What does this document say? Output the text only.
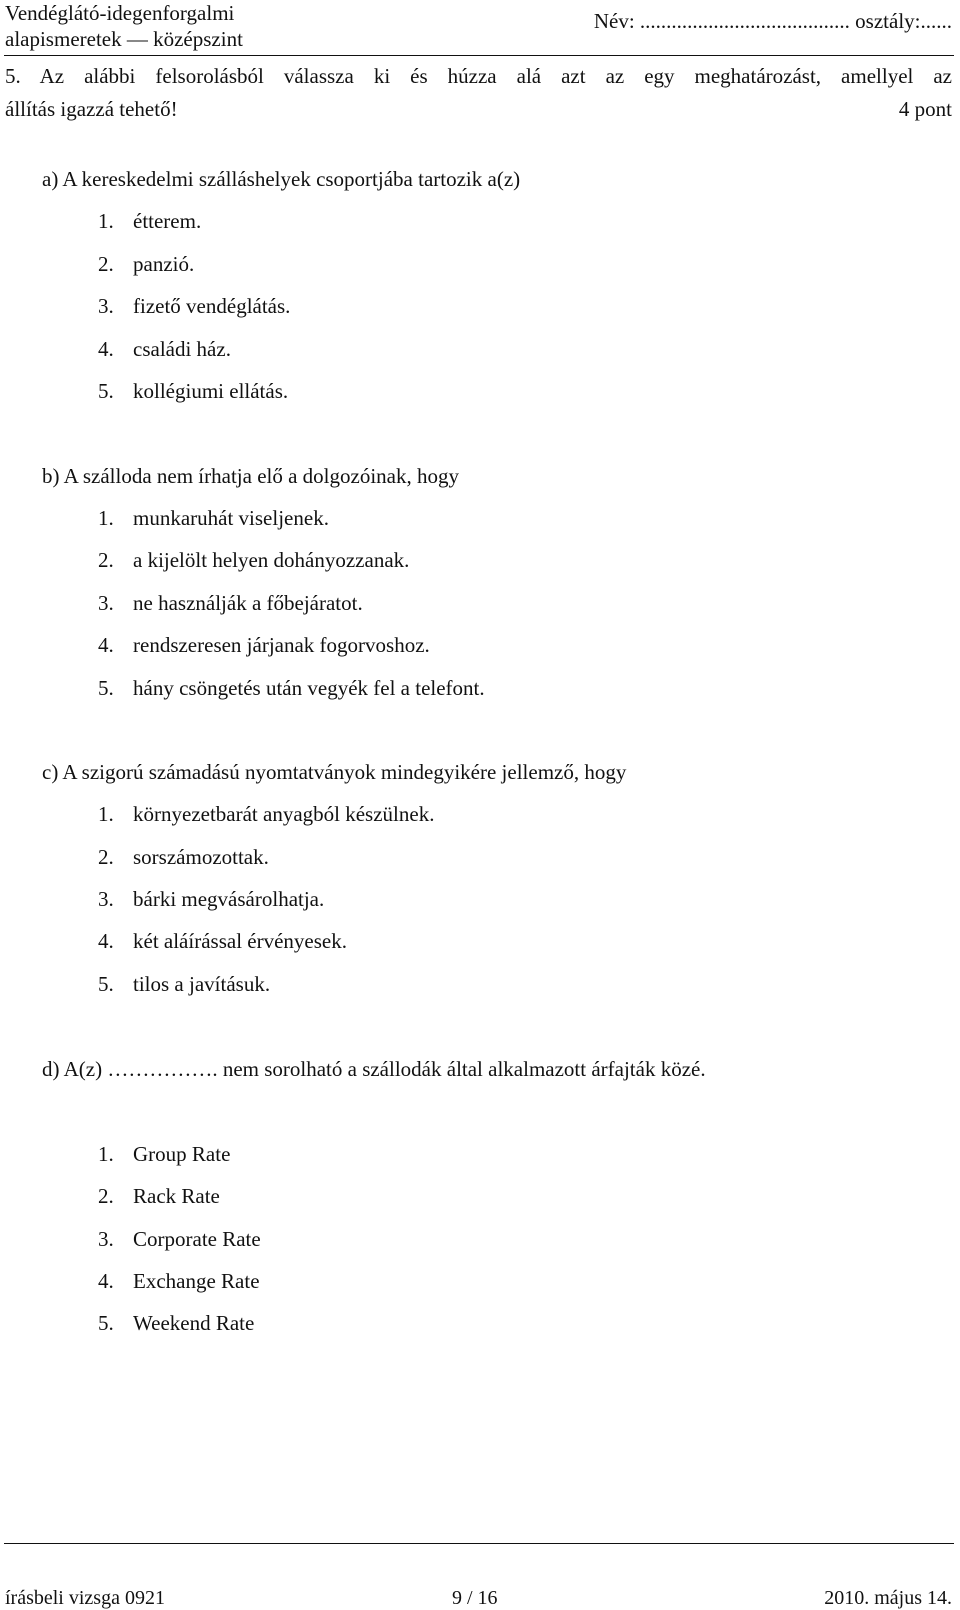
Vendéglátó-idegenforgalmi
alapismeretek — középszint
Név: ........................................ osztály:......
5. Az alábbi felsorolásból válassza ki és húzza alá azt az egy meghatározást, amellyel az
állítás igazzá tehető!	4 pont
a) A kereskedelmi szálláshelyek csoportjába tartozik a(z)
1. étterem.
2. panzió.
3. fizető vendéglátás.
4. családi ház.
5. kollégiumi ellátás.
b) A szálloda nem írhatja elő a dolgozóinak, hogy
1. munkaruhát viseljenek.
2. a kijelölt helyen dohányozzanak.
3. ne használják a főbejáratot.
4. rendszeresen járjanak fogorvoshoz.
5. hány csöngetés után vegyék fel a telefont.
c) A szigorú számadású nyomtatványok mindegyikére jellemző, hogy
1. környezetbarát anyagból készülnek.
2. sorszámozottak.
3. bárki megvásárolhatja.
4. két aláírással érvényesek.
5. tilos a javításuk.
d) A(z) ……………. nem sorolható a szállodák által alkalmazott árfajták közé.
1. Group Rate
2. Rack Rate
3. Corporate Rate
4. Exchange Rate
5. Weekend Rate
írásbeli vizsga 0921	9 / 16	2010. május 14.
